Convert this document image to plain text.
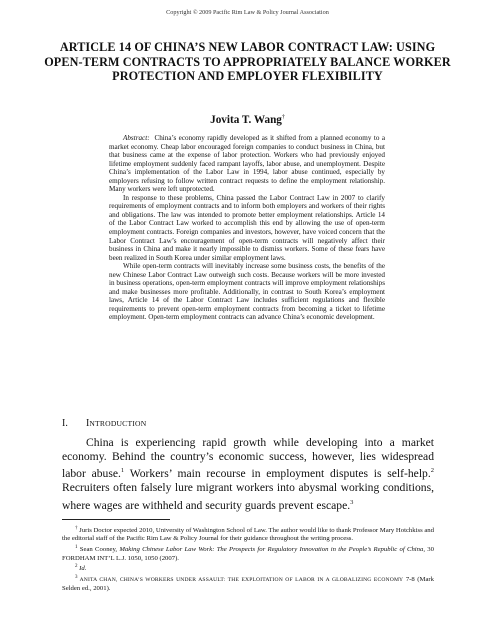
Copyright © 2009 Pacific Rim Law & Policy Journal Association
ARTICLE 14 OF CHINA’S NEW LABOR CONTRACT LAW: USING OPEN-TERM CONTRACTS TO APPROPRIATELY BALANCE WORKER PROTECTION AND EMPLOYER FLEXIBILITY
Jovita T. Wang†

Abstract: China’s economy rapidly developed as it shifted from a planned economy to a market economy. Cheap labor encouraged foreign companies to conduct business in China, but that business came at the expense of labor protection. Workers who had previously enjoyed lifetime employment suddenly faced rampant layoffs, labor abuse, and unemployment. Despite China’s implementation of the Labor Law in 1994, labor abuse continued, especially by employers refusing to follow written contract requests to define the employment relationship. Many workers were left unprotected.

In response to these problems, China passed the Labor Contract Law in 2007 to clarify requirements of employment contracts and to inform both employers and workers of their rights and obligations. The law was intended to promote better employment relationships. Article 14 of the Labor Contract Law worked to accomplish this end by allowing the use of open-term employment contracts. Foreign companies and investors, however, have voiced concern that the Labor Contract Law’s encouragement of open-term contracts will negatively affect their business in China and make it nearly impossible to dismiss workers. Some of these fears have been realized in South Korea under similar employment laws.

While open-term contracts will inevitably increase some business costs, the benefits of the new Chinese Labor Contract Law outweigh such costs. Because workers will be more invested in business operations, open-term employment contracts will improve employment relationships and make businesses more profitable. Additionally, in contrast to South Korea’s employment laws, Article 14 of the Labor Contract Law includes sufficient regulations and flexible requirements to prevent open-term employment contracts from becoming a ticket to lifetime employment. Open-term employment contracts can advance China’s economic development.

I. INTRODUCTION

China is experiencing rapid growth while developing into a market economy. Behind the country’s economic success, however, lies widespread labor abuse.$^1$ Workers’ main recourse in employment disputes is self-help.$^2$ Recruiters often falsely lure migrant workers into abysmal working conditions, where wages are withheld and security guards prevent escape.$^3$

† Juris Doctor expected 2010, University of Washington School of Law. The author would like to thank Professor Mary Hotchkiss and the editorial staff of the Pacific Rim Law & Policy Journal for their guidance throughout the writing process.

$^1$ Sean Cooney, Making Chinese Labor Law Work: The Prospects for Regulatory Innovation in the People’s Republic of China, 30 FORDHAM INT’L L.J. 1050, 1050 (2007).

$^2$ Id.

$^3$ ANITA CHAN, CHINA’S WORKERS UNDER ASSAULT: THE EXPLOITATION OF LABOR IN A GLOBALIZING ECONOMY 7-8 (Mark Selden ed., 2001).
